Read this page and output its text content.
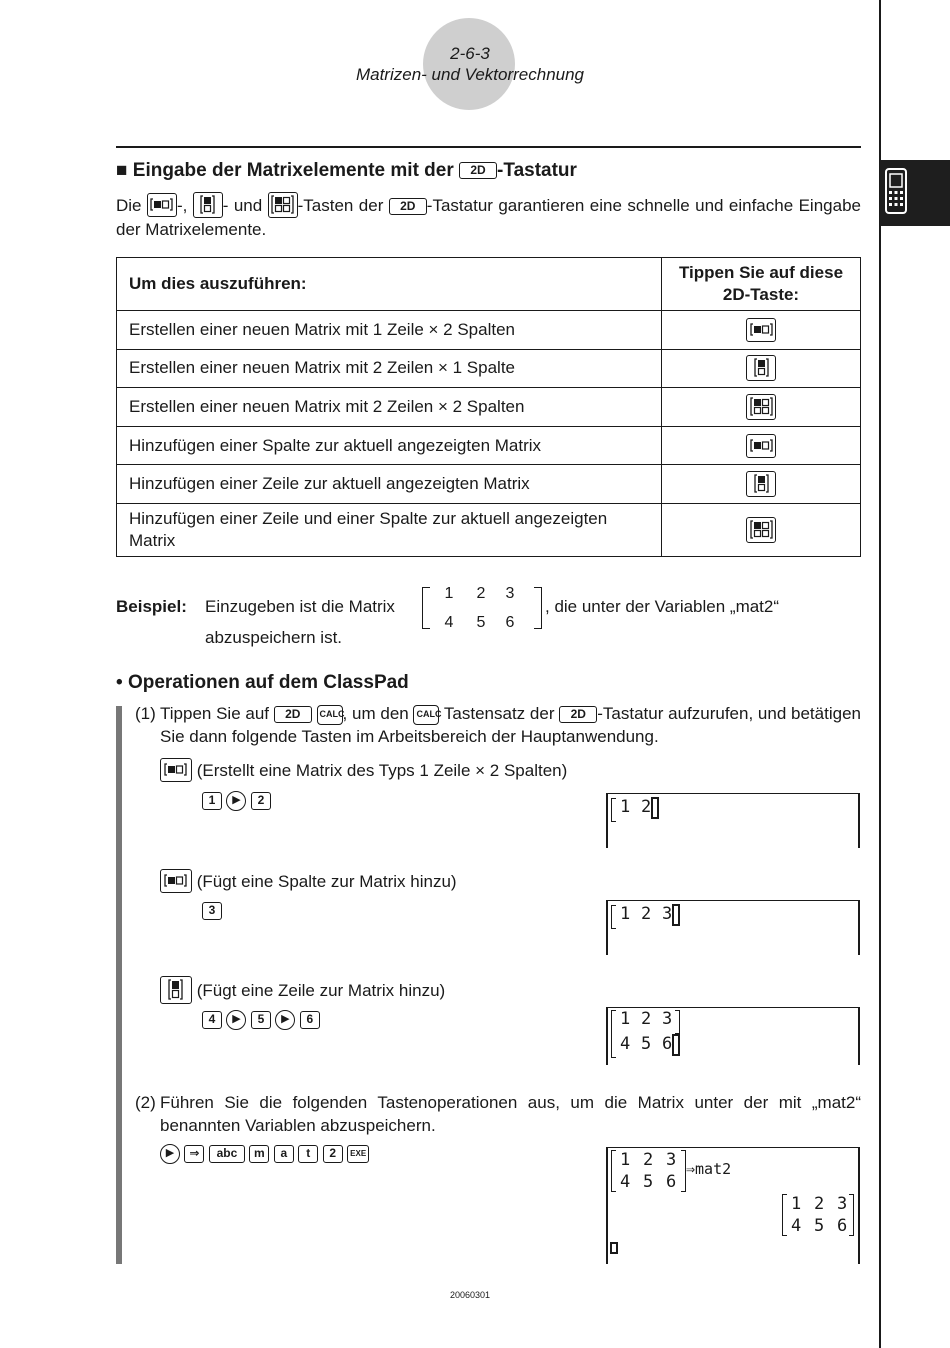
2-6-3
Matrizen- und Vektorrechnung
■ Eingabe der Matrixelemente mit der 2D -Tastatur
Die -, - und -Tasten der 2D -Tastatur garantieren eine schnelle und einfache Eingabe der Matrixelemente.
Um dies auszuführen:	Tippen Sie auf diese 2D-Taste:
Erstellen einer neuen Matrix mit 1 Zeile × 2 Spalten	
Erstellen einer neuen Matrix mit 2 Zeilen × 1 Spalte	
Erstellen einer neuen Matrix mit 2 Zeilen × 2 Spalten	
Hinzufügen einer Spalte zur aktuell angezeigten Matrix	
Hinzufügen einer Zeile zur aktuell angezeigten Matrix	
Hinzufügen einer Zeile und einer Spalte zur aktuell angezeigten Matrix	
Beispiel: Einzugeben ist die Matrix
1	2	3
4	5	6
, die unter der Variablen „mat2“
abzuspeichern ist.
• Operationen auf dem ClassPad
(1) Tippen Sie auf 2D CALC, um den CALC Tastensatz der 2D -Tastatur aufzurufen, und betätigen Sie dann folgende Tasten im Arbeitsbereich der Hauptanwendung.
(Erstellt eine Matrix des Typs 1 Zeile × 2 Spalten)
1 ▶ 2	1 2
(Fügt eine Spalte zur Matrix hinzu)
3	1 2 3
(Fügt eine Zeile zur Matrix hinzu)
4 ▶ 5 ▶ 6	1 2 3
4 5 6
(2) Führen Sie die folgenden Tastenoperationen aus, um die Matrix unter der mit „mat2“ benannten Variablen abzuspeichern.
▶ ⇒ abc m a t 2 EXE	1 2 3
4 5 6
⇒mat2
1 2 3
4 5 6
20060301
